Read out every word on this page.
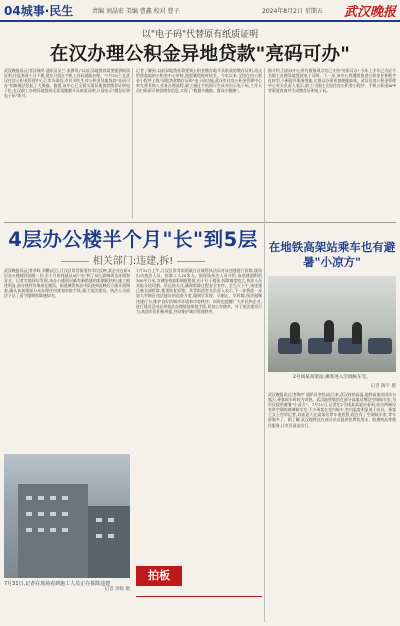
04城事·民生	责编 刘晶宏 美编 曹鑫 校对 曹子	2024年8月2日 星期五 武汉晚报
以"电子码"代替原有纸质证明
在汉办理公积金异地贷款"亮码可办"
武汉晚报讯(记者涂瑞华 通讯员吴兰 张赛男)"以前,异地贷款需要提供纸质证明,往返奔波十分不便,现在只需在手机上亮码就能办理。"7月31日,在武汉住房公积金管理中心江岸办事处,市民刘先生对公积金异地贷款"亮码可办"的新做法竖起了大拇指。据悉,该中心已全面实现异地贷款缴存证明电子化,在汉职工办理异地贷款无需再跑腿开具纸质证明,只需出示"缴存证明电子码"即可。
记者了解到,以前异地贷款需要到公积金缴存地开具纸质的缴存证明,再交给贷款地的公积金中心审核,流程繁琐耗时较长。今年以来,全国住房公积金小程序上线"异地贷款缴存证明"电子码功能,武汉市住房公积金管理中心率先将其纳入业务办理流程,职工通过手机即可生成并出示电子码,工作人员扫码即可核验缴存信息,实现了"数据多跑路、群众少跑腿"。
据介绍,目前该中心所有服务网点均已支持"亮码可办",今年上半年已为近千名职工办理异地贷款电子证明。下一步,该中心将继续推进公积金业务数字化转型,不断提升服务效能,让群众办事更加便捷高效。武汉住房公积金管理中心有关负责人表示,职工可通过全国住房公积金小程序、手机公积金APP等渠道查询并生成缴存证明电子码。
4层办公楼半个月"长"到5层
相关部门:违建,拆!
武汉晚报讯(记者余晖 刘鹏)近日,江汉区常青街道有市民反映,某企业在原4层办公楼楼顶加建一层,半个月时间就从4层"长"到了5层,影响周边环境和安全。记者实地探访发现,该办公楼顶层确有新搭建的彩钢板结构,施工痕迹明显,部分建材仍堆放在楼顶。街道城管执法中队接到反映后立即开展调查,确认该加建部分未办理任何规划审批手续,属于违法建设。执法人员依法下达了责令限期拆除通知书。
7月31日上午,江汉区常青街道联合区城管执法局对该违建进行拆除,现场出动执法人员、拆除工人20余人。据现场执法人员介绍,该违建面积约300平方米,为钢结构加彩钢板搭建,由于位于楼顶,拆除难度较大,执法人员采取分段切割、吊运的方式,确保拆除过程安全有序。至当天下午,该违建已被全部拆除,楼顶恢复原貌。常青街道有关负责人表示,下一步将进一步加大对辖区违法建设的巡查力度,做到早发现、早制止、早拆除,坚决遏制违建行为,维护良好的城市环境和市容秩序。同时也提醒广大市民和企业,进行建设活动必须依法办理规划审批手续,切勿心存侥幸。对于违法建设行为,欢迎市民积极举报,共同维护城市管理秩序。
7月31日,记者在现场看到施工人员正在拆除违建
记者 余晖 摄
在地铁高架站乘车也有避暑"小凉方"
2号线某高架站,乘客进入空调候车室。
记者 陶宇 摄
武汉晚报讯(记者陶宇 通讯员李怡)连日来,武汉持续高温,地铁高架站因站台露天,乘客候车时较为炎热。武汉地铁集团在部分高架站增设空调候车室,为市民提供避暑"小凉方"。7月31日,记者在2号线某高架站看到,站台两端设有带空调的玻璃候车室,不少乘客在室内候车,室内温度明显低于站台。乘客王女士告诉记者,以前夏天在高架站等车很煎熬,现在有了空调候车室,等车舒服多了。据了解,武汉地铁还在部分站点提供免费饮用水、防暑药品等便民服务,让市民清凉出行。
拍板
